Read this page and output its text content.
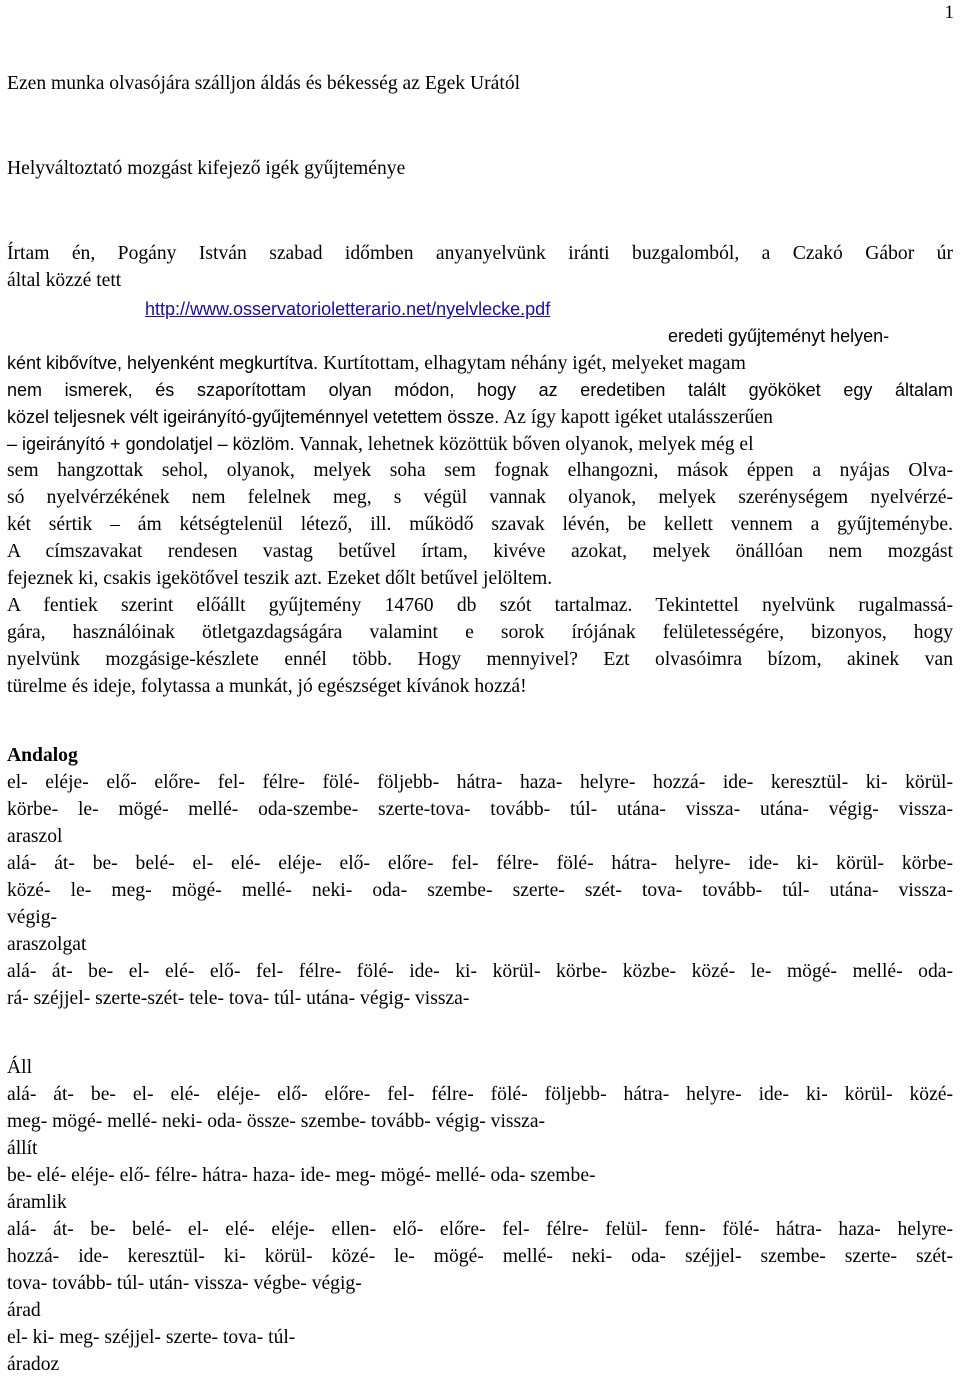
1
Ezen munka olvasójára szálljon áldás és békesség az Egek Urától
Helyváltoztató mozgást kifejező igék gyűjteménye
Írtam én, Pogány István szabad időmben anyanyelvünk iránti buzgalomból, a Czakó Gábor úr
által közzé tett
http://www.osservatorioletterario.net/nyelvlecke.pdf
eredeti gyűjteményt helyen-
ként kibővítve, helyenként megkurtítva. Kurtítottam, elhagytam néhány igét, melyeket magam
nem ismerek, és szaporítottam olyan módon, hogy az eredetiben talált gyököket egy általam
közel teljesnek vélt igeirányító-gyűjteménnyel vetettem össze. Az így kapott igéket utalásszerűen
– igeirányító + gondolatjel – közlöm. Vannak, lehetnek közöttük bőven olyanok, melyek még el
sem hangzottak sehol, olyanok, melyek soha sem fognak elhangozni, mások éppen a nyájas Olva-
só nyelvérzékének nem felelnek meg, s végül vannak olyanok, melyek szerénységem nyelvérzé-
két sértik – ám kétségtelenül létező, ill. működő szavak lévén, be kellett vennem a gyűjteménybe.
A címszavakat rendesen vastag betűvel írtam, kivéve azokat, melyek önállóan nem mozgást
fejeznek ki, csakis igekötővel teszik azt. Ezeket dőlt betűvel jelöltem.
A fentiek szerint előállt gyűjtemény 14760 db szót tartalmaz. Tekintettel nyelvünk rugalmassá-
gára, használóinak ötletgazdagságára valamint e sorok írójának felületességére, bizonyos, hogy
nyelvünk mozgásige-készlete ennél több. Hogy mennyivel? Ezt olvasóimra bízom, akinek van
türelme és ideje, folytassa a munkát, jó egészséget kívánok hozzá!
Andalog
el- eléje- elő- előre- fel- félre- fölé- följebb- hátra- haza- helyre- hozzá- ide- keresztül- ki- körül-
körbe- le- mögé- mellé- oda-szembe- szerte-tova- tovább- túl- utána- vissza- utána- végig- vissza-
araszol
alá- át- be- belé- el- elé- eléje- elő- előre- fel- félre- fölé- hátra- helyre- ide- ki- körül- körbe-
közé- le- meg- mögé- mellé- neki- oda- szembe- szerte- szét- tova- tovább- túl- utána- vissza-
végig-
araszolgat
alá- át- be- el- elé- elő- fel- félre- fölé- ide- ki- körül- körbe- közbe- közé- le- mögé- mellé- oda-
rá- széjjel- szerte-szét- tele- tova- túl- utána- végig- vissza-
Áll
alá- át- be- el- elé- eléje- elő- előre- fel- félre- fölé- följebb- hátra- helyre- ide- ki- körül- közé-
meg- mögé- mellé- neki- oda- össze- szembe- tovább- végig- vissza-
állít
be- elé- eléje- elő- félre- hátra- haza- ide- meg- mögé- mellé- oda- szembe-
áramlik
alá- át- be- belé- el- elé- eléje- ellen- elő- előre- fel- félre- felül- fenn- fölé- hátra- haza- helyre-
hozzá- ide- keresztül- ki- körül- közé- le- mögé- mellé- neki- oda- széjjel- szembe- szerte- szét-
tova- tovább- túl- után- vissza- végbe- végig-
árad
el- ki- meg- széjjel- szerte- tova- túl-
áradoz
